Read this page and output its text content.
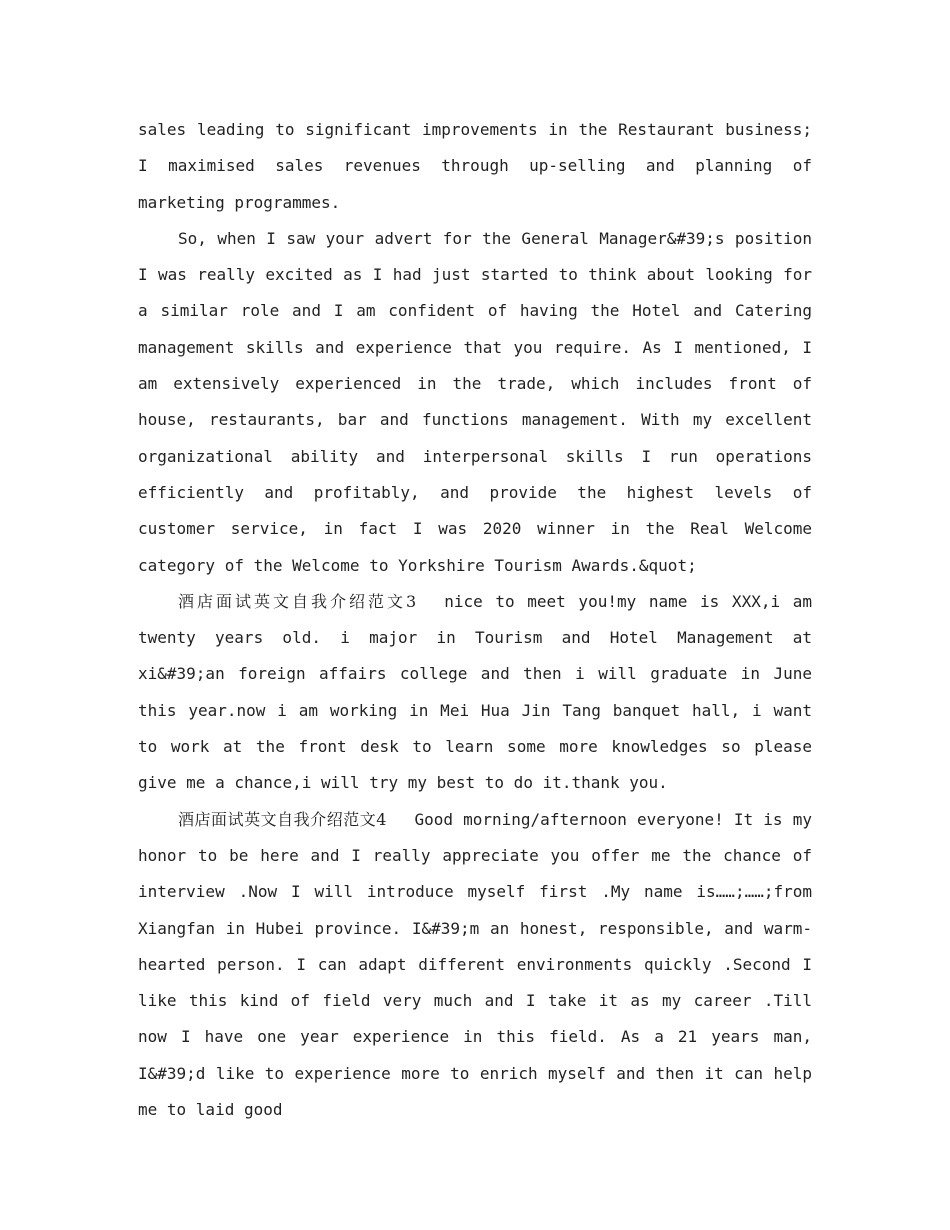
sales leading to significant improvements in the Restaurant business; I maximised sales revenues through up-selling and planning of marketing programmes.

So, when I saw your advert for the General Manager&#39;s position I was really excited as I had just started to think about looking for a similar role and I am confident of having the Hotel and Catering management skills and experience that you require. As I mentioned, I am extensively experienced in the trade, which includes front of house, restaurants, bar and functions management. With my excellent organizational ability and interpersonal skills I run operations efficiently and profitably, and provide the highest levels of customer service, in fact I was 2020 winner in the Real Welcome category of the Welcome to Yorkshire Tourism Awards.&quot;

酒店面试英文自我介绍范文3 nice to meet you!my name is XXX,i am twenty years old. i major in Tourism and Hotel Management at xi&#39;an foreign affairs college and then i will graduate in June this year.now i am working in Mei Hua Jin Tang banquet hall, i want to work at the front desk to learn some more knowledges so please give me a chance,i will try my best to do it.thank you.

酒店面试英文自我介绍范文4 Good morning/afternoon everyone! It is my honor to be here and I really appreciate you offer me the chance of interview .Now I will introduce myself first .My name is……;……;from Xiangfan in Hubei province. I&#39;m an honest, responsible, and warm-hearted person. I can adapt different environments quickly .Second I like this kind of field very much and I take it as my career .Till now I have one year experience in this field. As a 21 years man, I&#39;d like to experience more to enrich myself and then it can help me to laid good
